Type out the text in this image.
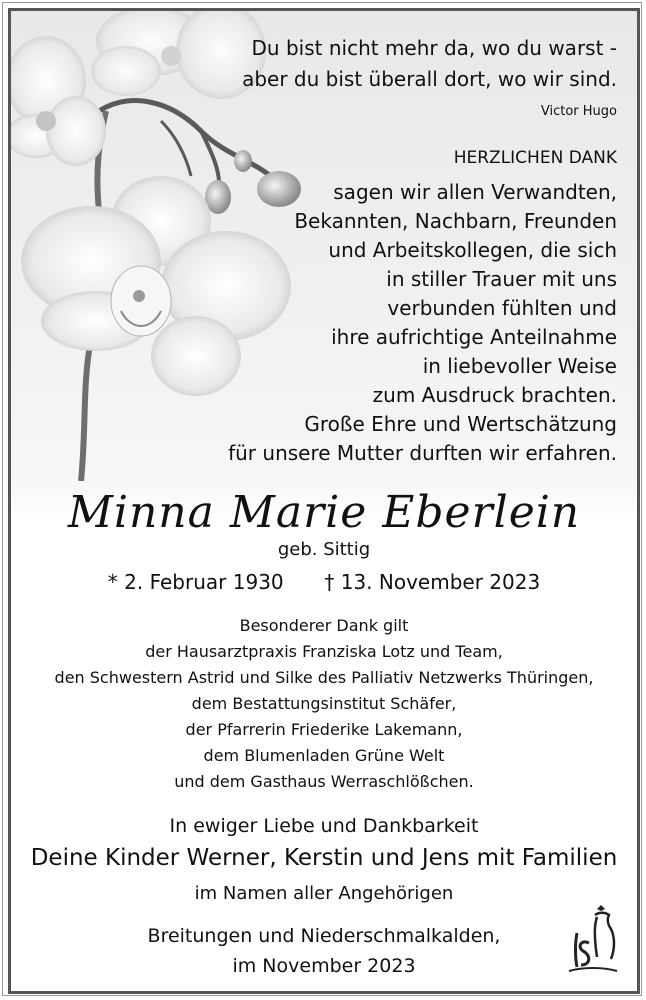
Du bist nicht mehr da, wo du warst -
aber du bist überall dort, wo wir sind.
Victor Hugo
HERZLICHEN DANK
sagen wir allen Verwandten,
Bekannten, Nachbarn, Freunden
und Arbeitskollegen, die sich
in stiller Trauer mit uns
verbunden fühlten und
ihre aufrichtige Anteilnahme
in liebevoller Weise
zum Ausdruck brachten.
Große Ehre und Wertschätzung
für unsere Mutter durften wir erfahren.
Minna Marie Eberlein
geb. Sittig
* 2. Februar 1930 † 13. November 2023
Besonderer Dank gilt
der Hausarztpraxis Franziska Lotz und Team,
den Schwestern Astrid und Silke des Palliativ Netzwerks Thüringen,
dem Bestattungsinstitut Schäfer,
der Pfarrerin Friederike Lakemann,
dem Blumenladen Grüne Welt
und dem Gasthaus Werraschlößchen.
In ewiger Liebe und Dankbarkeit
Deine Kinder Werner, Kerstin und Jens mit Familien
im Namen aller Angehörigen
Breitungen und Niederschmalkalden,
im November 2023
